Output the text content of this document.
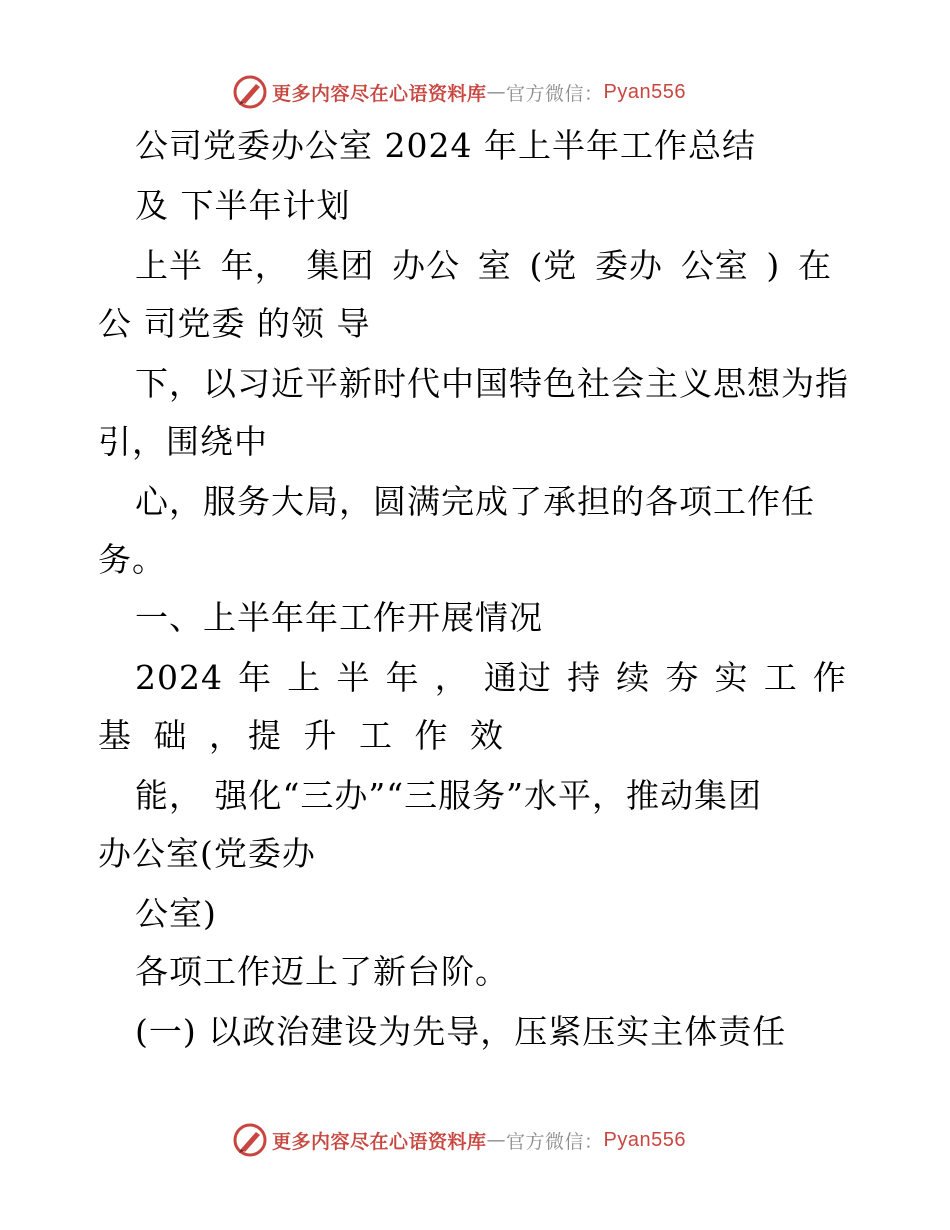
更多内容尽在心语资料库 — 官方微信： Pyan556
公司党委办公室 2024 年上半年工作总结
及 下半年计划
上半 年， 集团 办公 室 (党 委办 公室 ) 在
公 司党委 的领 导
下，以习近平新时代中国特色社会主义思想为指
引，围绕中
心，服务大局，圆满完成了承担的各项工作任
务。
一、上半年年工作开展情况
2024 年 上 半 年 ， 通过 持 续 夯 实 工 作
基 础 ，提 升 工 作 效
能， 强化“三办”“三服务”水平，推动集团
办公室(党委办
公室)
各项工作迈上了新台阶。
(一) 以政治建设为先导，压紧压实主体责任
更多内容尽在心语资料库 — 官方微信： Pyan556
